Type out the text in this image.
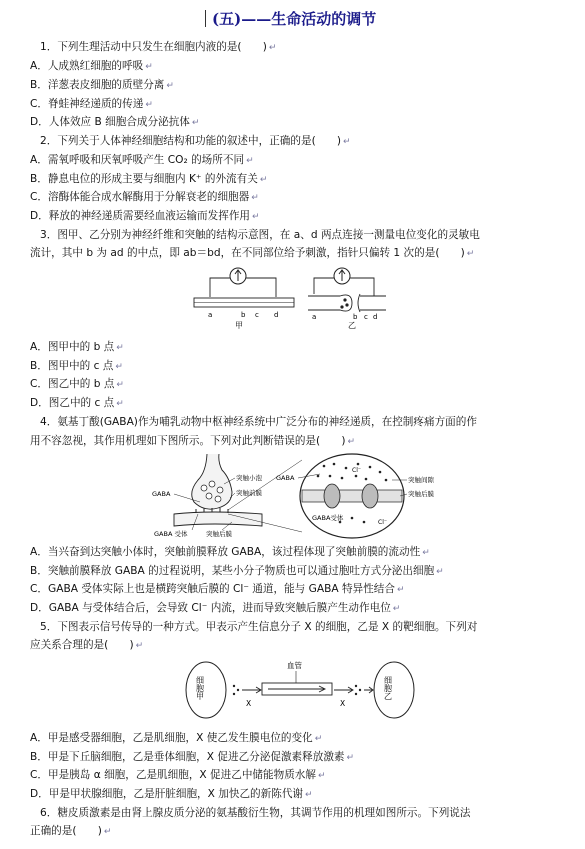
(五)——生命活动的调节
1．下列生理活动中只发生在细胞内液的是(　　) ↵
A．人成熟红细胞的呼吸 ↵
B．洋葱表皮细胞的质壁分离 ↵
C．脊蛙神经递质的传递 ↵
D．人体效应 B 细胞合成分泌抗体 ↵
2．下列关于人体神经细胞结构和功能的叙述中，正确的是(　　) ↵
A．需氧呼吸和厌氧呼吸产生 CO₂ 的场所不同 ↵
B．静息电位的形成主要与细胞内 K⁺ 的外流有关 ↵
C．溶酶体能合成水解酶用于分解衰老的细胞器 ↵
D．释放的神经递质需要经血液运输而发挥作用 ↵
3．图甲、乙分别为神经纤维和突触的结构示意图，在 a、d 两点连接一测量电位变化的灵敏电
流计，其中 b 为 ad 的中点，即 ab＝bd，在不同部位给予刺激，指针只偏转 1 次的是(　　) ↵
a	b c d
甲
a	b c d
乙
A．图甲中的 b 点 ↵
B．图甲中的 c 点 ↵
C．图乙中的 b 点 ↵
D．图乙中的 c 点 ↵
4．氨基丁酸(GABA)作为哺乳动物中枢神经系统中广泛分布的神经递质，在控制疼痛方面的作
用不容忽视，其作用机理如下图所示。下列对此判断错误的是(　　) ↵
突触小泡
突触前膜
GABA
GABA 受体	突触后膜
Cl⁻
Cl⁻
GABA
GABA受体
突触间隙
突触后膜
A．当兴奋到达突触小体时，突触前膜释放 GABA，该过程体现了突触前膜的流动性 ↵
B．突触前膜释放 GABA 的过程说明，某些小分子物质也可以通过胞吐方式分泌出细胞 ↵
C．GABA 受体实际上也是横跨突触后膜的 Cl⁻ 通道，能与 GABA 特异性结合 ↵
D．GABA 与受体结合后，会导致 Cl⁻ 内流，进而导致突触后膜产生动作电位 ↵
5．下图表示信号传导的一种方式。甲表示产生信息分子 X 的细胞，乙是 X 的靶细胞。下列对
应关系合理的是(　　) ↵
细胞甲	细胞乙
血管
X	X
A．甲是感受器细胞，乙是肌细胞，X 使乙发生膜电位的变化 ↵
B．甲是下丘脑细胞，乙是垂体细胞，X 促进乙分泌促激素释放激素 ↵
C．甲是胰岛 α 细胞，乙是肌细胞，X 促进乙中储能物质水解 ↵
D．甲是甲状腺细胞，乙是肝脏细胞，X 加快乙的新陈代谢 ↵
6．糖皮质激素是由肾上腺皮质分泌的氨基酸衍生物，其调节作用的机理如图所示。下列说法
正确的是(　　) ↵
